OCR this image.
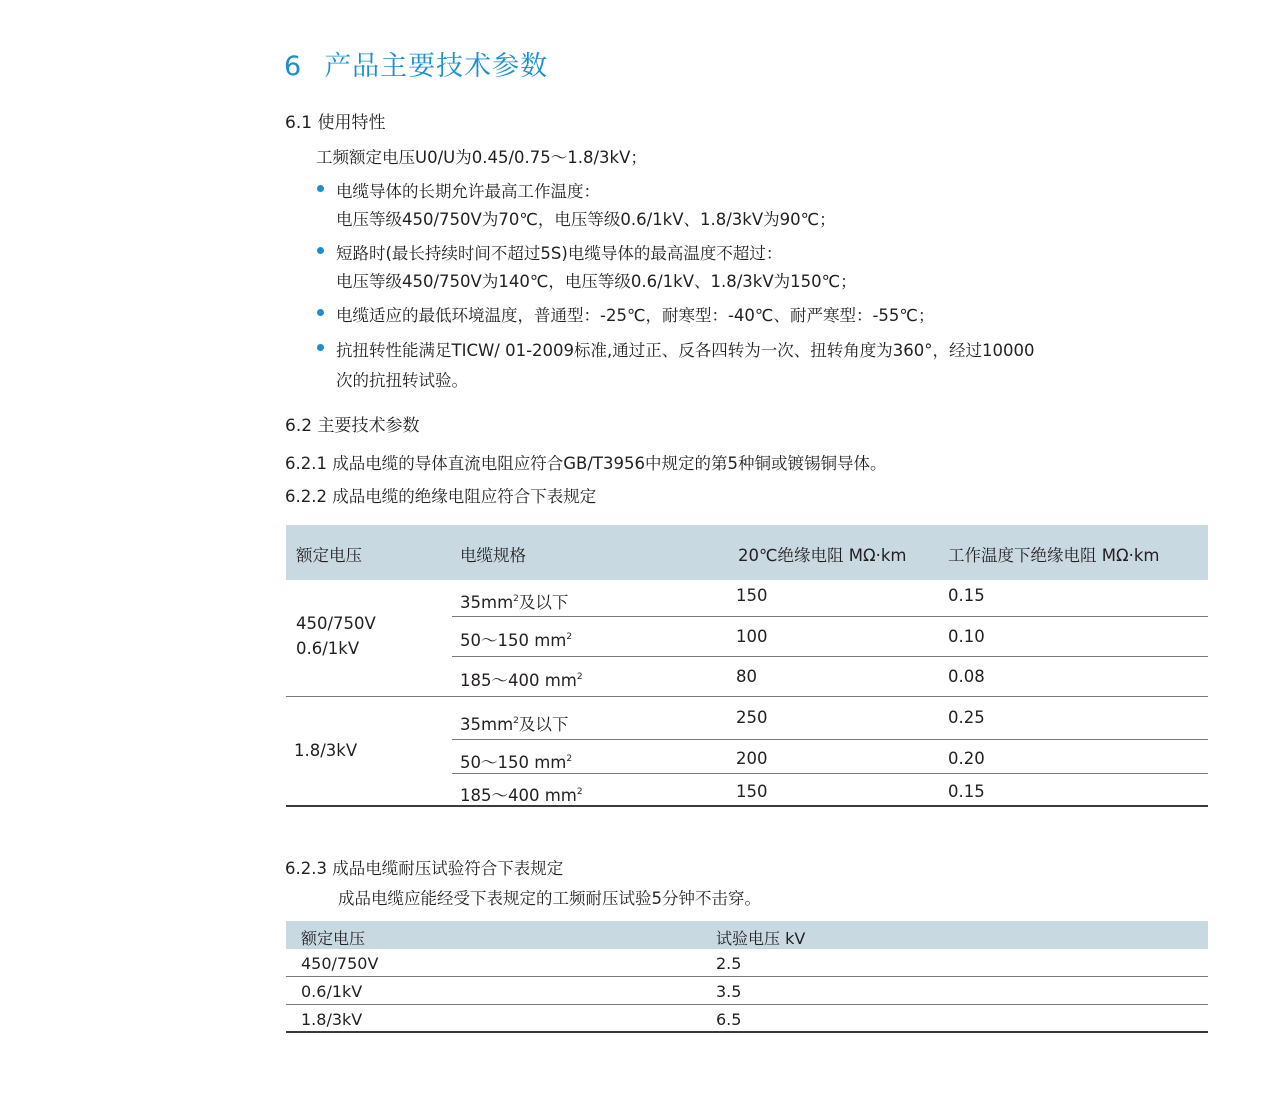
6 产品主要技术参数
6.1 使用特性
工频额定电压U0/U为0.45/0.75～1.8/3kV；
电缆导体的长期允许最高工作温度：
电压等级450/750V为70℃，电压等级0.6/1kV、1.8/3kV为90℃；
短路时(最长持续时间不超过5S)电缆导体的最高温度不超过：
电压等级450/750V为140℃，电压等级0.6/1kV、1.8/3kV为150℃；
电缆适应的最低环境温度，普通型：-25℃，耐寒型：-40℃、耐严寒型：-55℃；
抗扭转性能满足TICW/ 01-2009标准,通过正、反各四转为一次、扭转角度为360°，经过10000
次的抗扭转试验。
6.2 主要技术参数
6.2.1 成品电缆的导体直流电阻应符合GB/T3956中规定的第5种铜或镀锡铜导体。
6.2.2 成品电缆的绝缘电阻应符合下表规定
额定电压	电缆规格	20℃绝缘电阻 MΩ·km	工作温度下绝缘电阻 MΩ·km
450/750V
0.6/1kV
$35mm^2$及以下	150	0.15
50～150 $mm^2$	100	0.10
185～400 $mm^2$	80	0.08
1.8/3kV
$35mm^2$及以下	250	0.25
50～150 $mm^2$	200	0.20
185～400 $mm^2$	150	0.15
6.2.3 成品电缆耐压试验符合下表规定
成品电缆应能经受下表规定的工频耐压试验5分钟不击穿。
额定电压	试验电压 kV
450/750V	2.5
0.6/1kV	3.5
1.8/3kV	6.5
